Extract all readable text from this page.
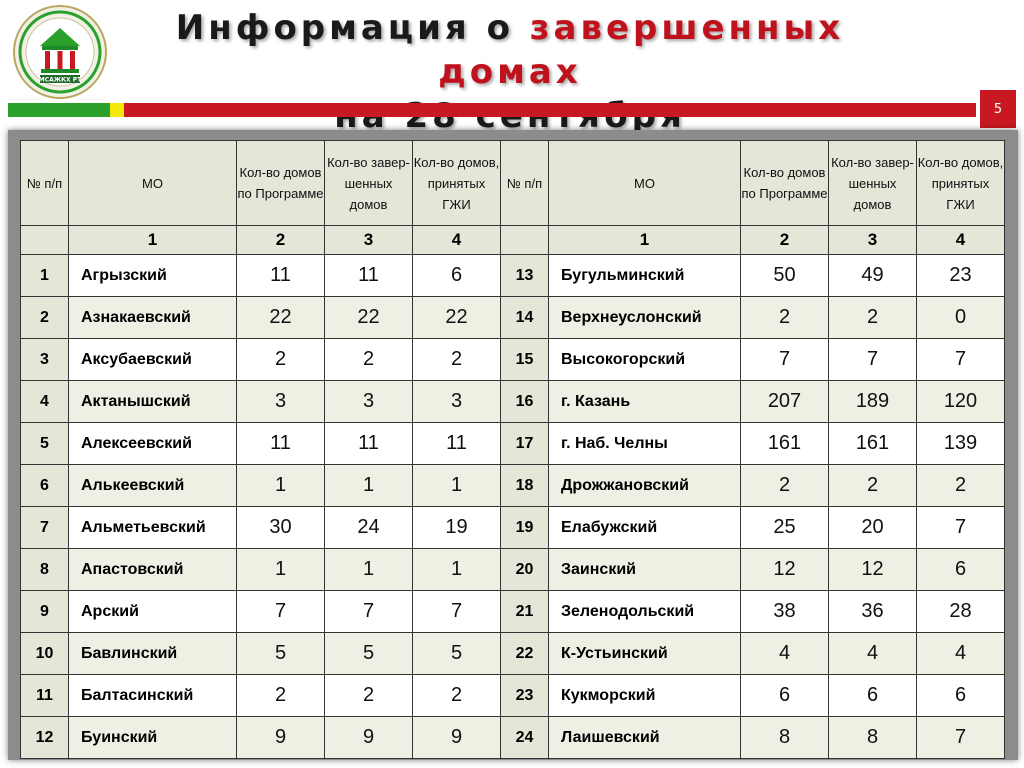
МСАЖКХ РТ
Информация о завершенных домах

5
№ п/п	МО	Кол-во домов по Программе	Кол-во завер-шенных домов	Кол-во домов, принятых ГЖИ	№ п/п	МО	Кол-во домов по Программе	Кол-во завер-шенных домов	Кол-во домов, принятых ГЖИ
	1	2	3	4		1	2	3	4
1	Агрызский	11	11	6	13	Бугульминский	50	49	23
2	Азнакаевский	22	22	22	14	Верхнеуслонский	2	2	0
3	Аксубаевский	2	2	2	15	Высокогорский	7	7	7
4	Актанышский	3	3	3	16	г. Казань	207	189	120
5	Алексеевский	11	11	11	17	г. Наб. Челны	161	161	139
6	Алькеевский	1	1	1	18	Дрожжановский	2	2	2
7	Альметьевский	30	24	19	19	Елабужский	25	20	7
8	Апастовский	1	1	1	20	Заинский	12	12	6
9	Арский	7	7	7	21	Зеленодольский	38	36	28
10	Бавлинский	5	5	5	22	К-Устьинский	4	4	4
11	Балтасинский	2	2	2	23	Кукморский	6	6	6
12	Буинский	9	9	9	24	Лаишевский	8	8	7
